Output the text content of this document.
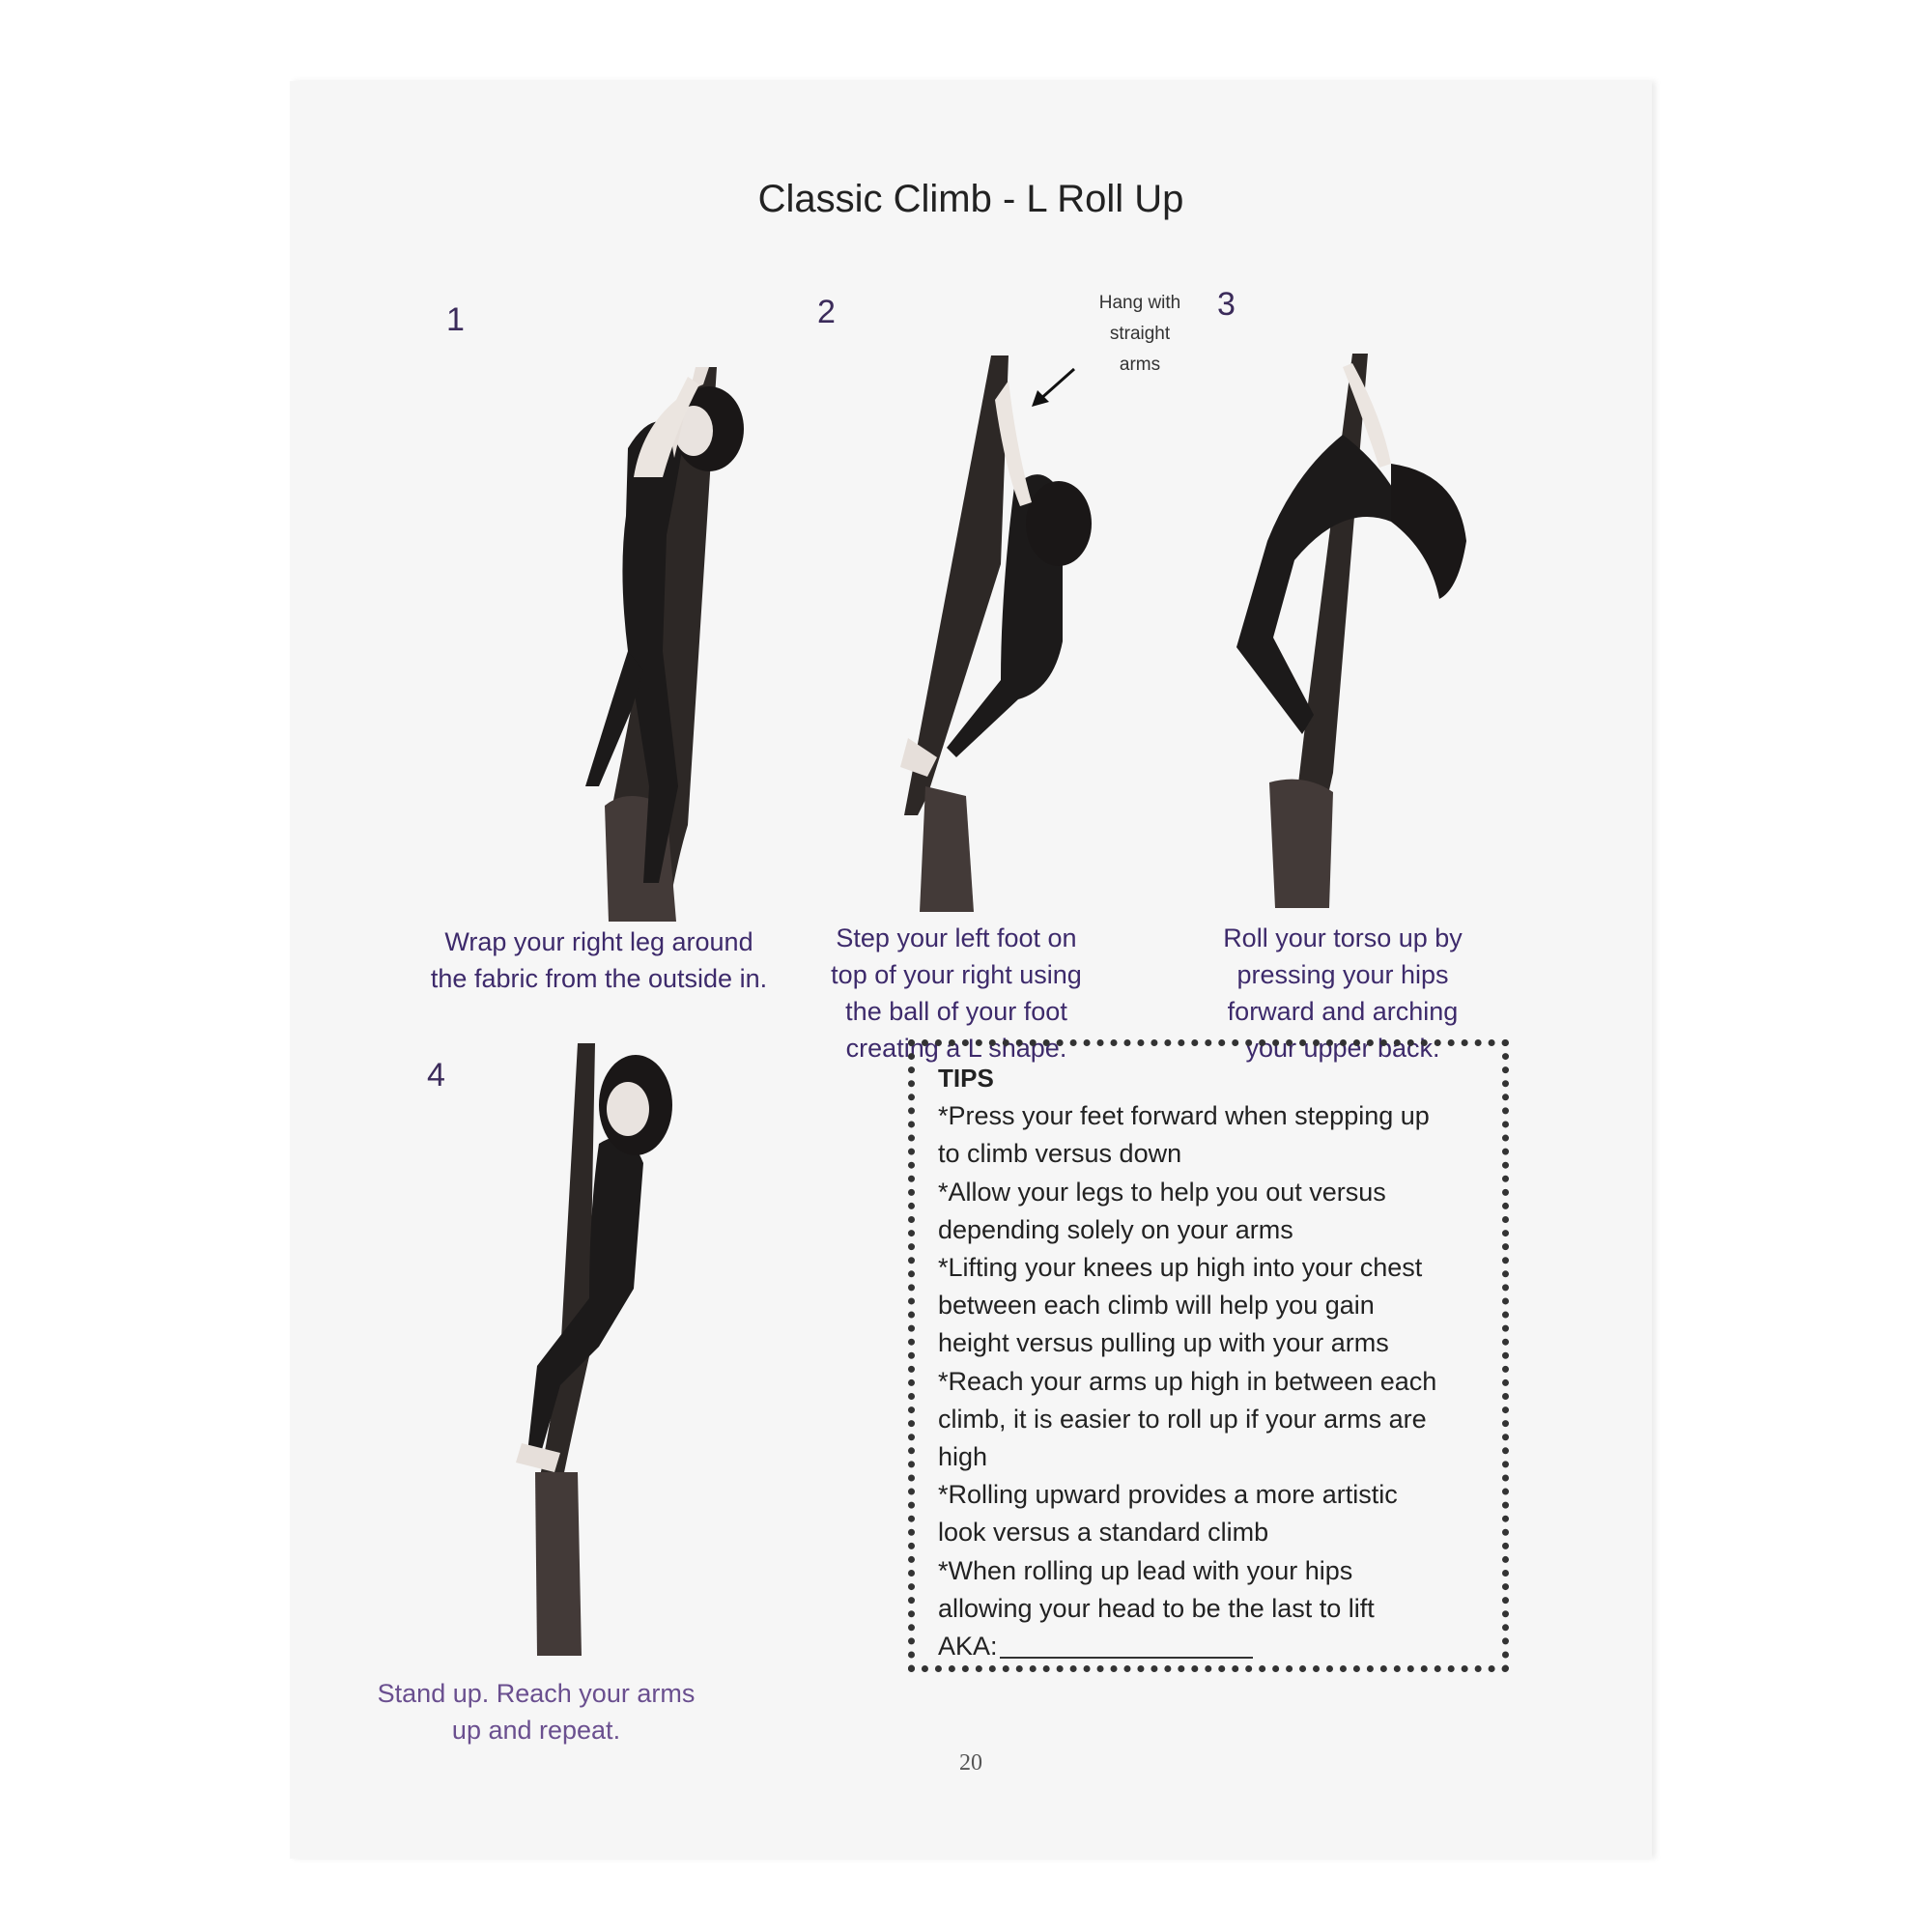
Classic Climb - L Roll Up
1
Wrap your right leg around
the fabric from the outside in.
2	Hang with
straight
arms
Step your left foot on
top of your right using
the ball of your foot
creating a L shape.
3
Roll your torso up by
pressing your hips
forward and arching
your upper back.
4
Stand up. Reach your arms
up and repeat.
TIPS
*Press your feet forward when stepping up
to climb versus down
*Allow your legs to help you out versus
depending solely on your arms
*Lifting your knees up high into your chest
between each climb will help you gain
height versus pulling up with your arms
*Reach your arms up high in between each
climb, it is easier to roll up if your arms are
high
*Rolling upward provides a more artistic
look versus a standard climb
*When rolling up lead with your hips
allowing your head to be the last to lift
AKA:
20
